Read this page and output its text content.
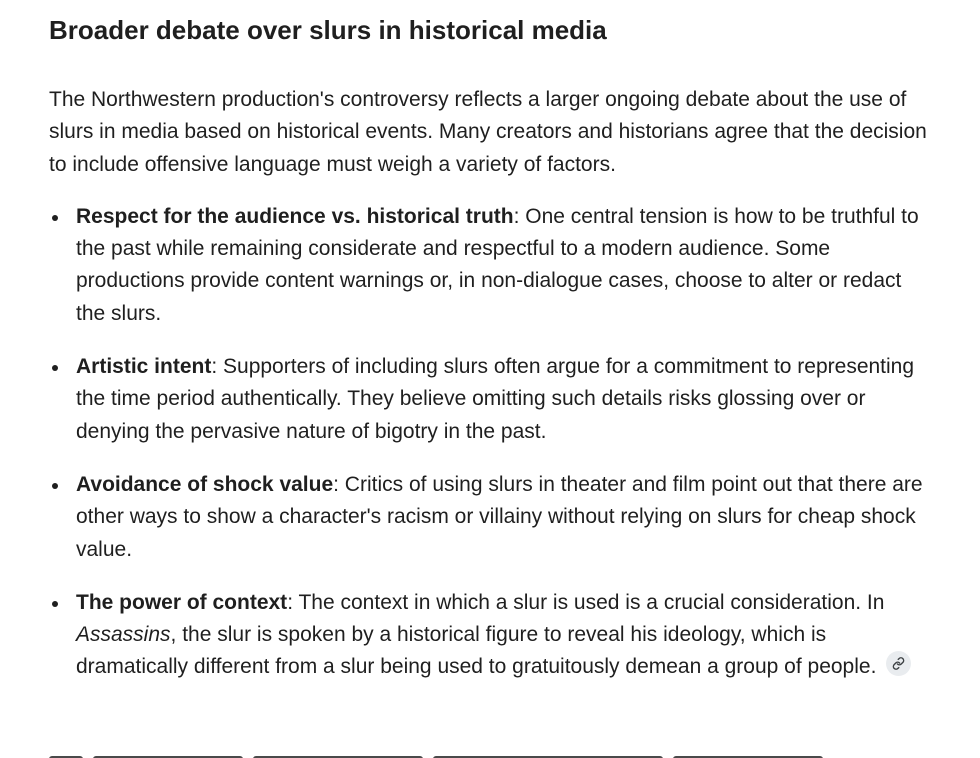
Broader debate over slurs in historical media

The Northwestern production's controversy reflects a larger ongoing debate about the use of slurs in media based on historical events. Many creators and historians agree that the decision to include offensive language must weigh a variety of factors.

Respect for the audience vs. historical truth: One central tension is how to be truthful to the past while remaining considerate and respectful to a modern audience. Some productions provide content warnings or, in non-dialogue cases, choose to alter or redact the slurs.
Artistic intent: Supporters of including slurs often argue for a commitment to representing the time period authentically. They believe omitting such details risks glossing over or denying the pervasive nature of bigotry in the past.
Avoidance of shock value: Critics of using slurs in theater and film point out that there are other ways to show a character's racism or villainy without relying on slurs for cheap shock value.
The power of context: The context in which a slur is used is a crucial consideration. In Assassins, the slur is spoken by a historical figure to reveal his ideology, which is dramatically different from a slur being used to gratuitously demean a group of people.
